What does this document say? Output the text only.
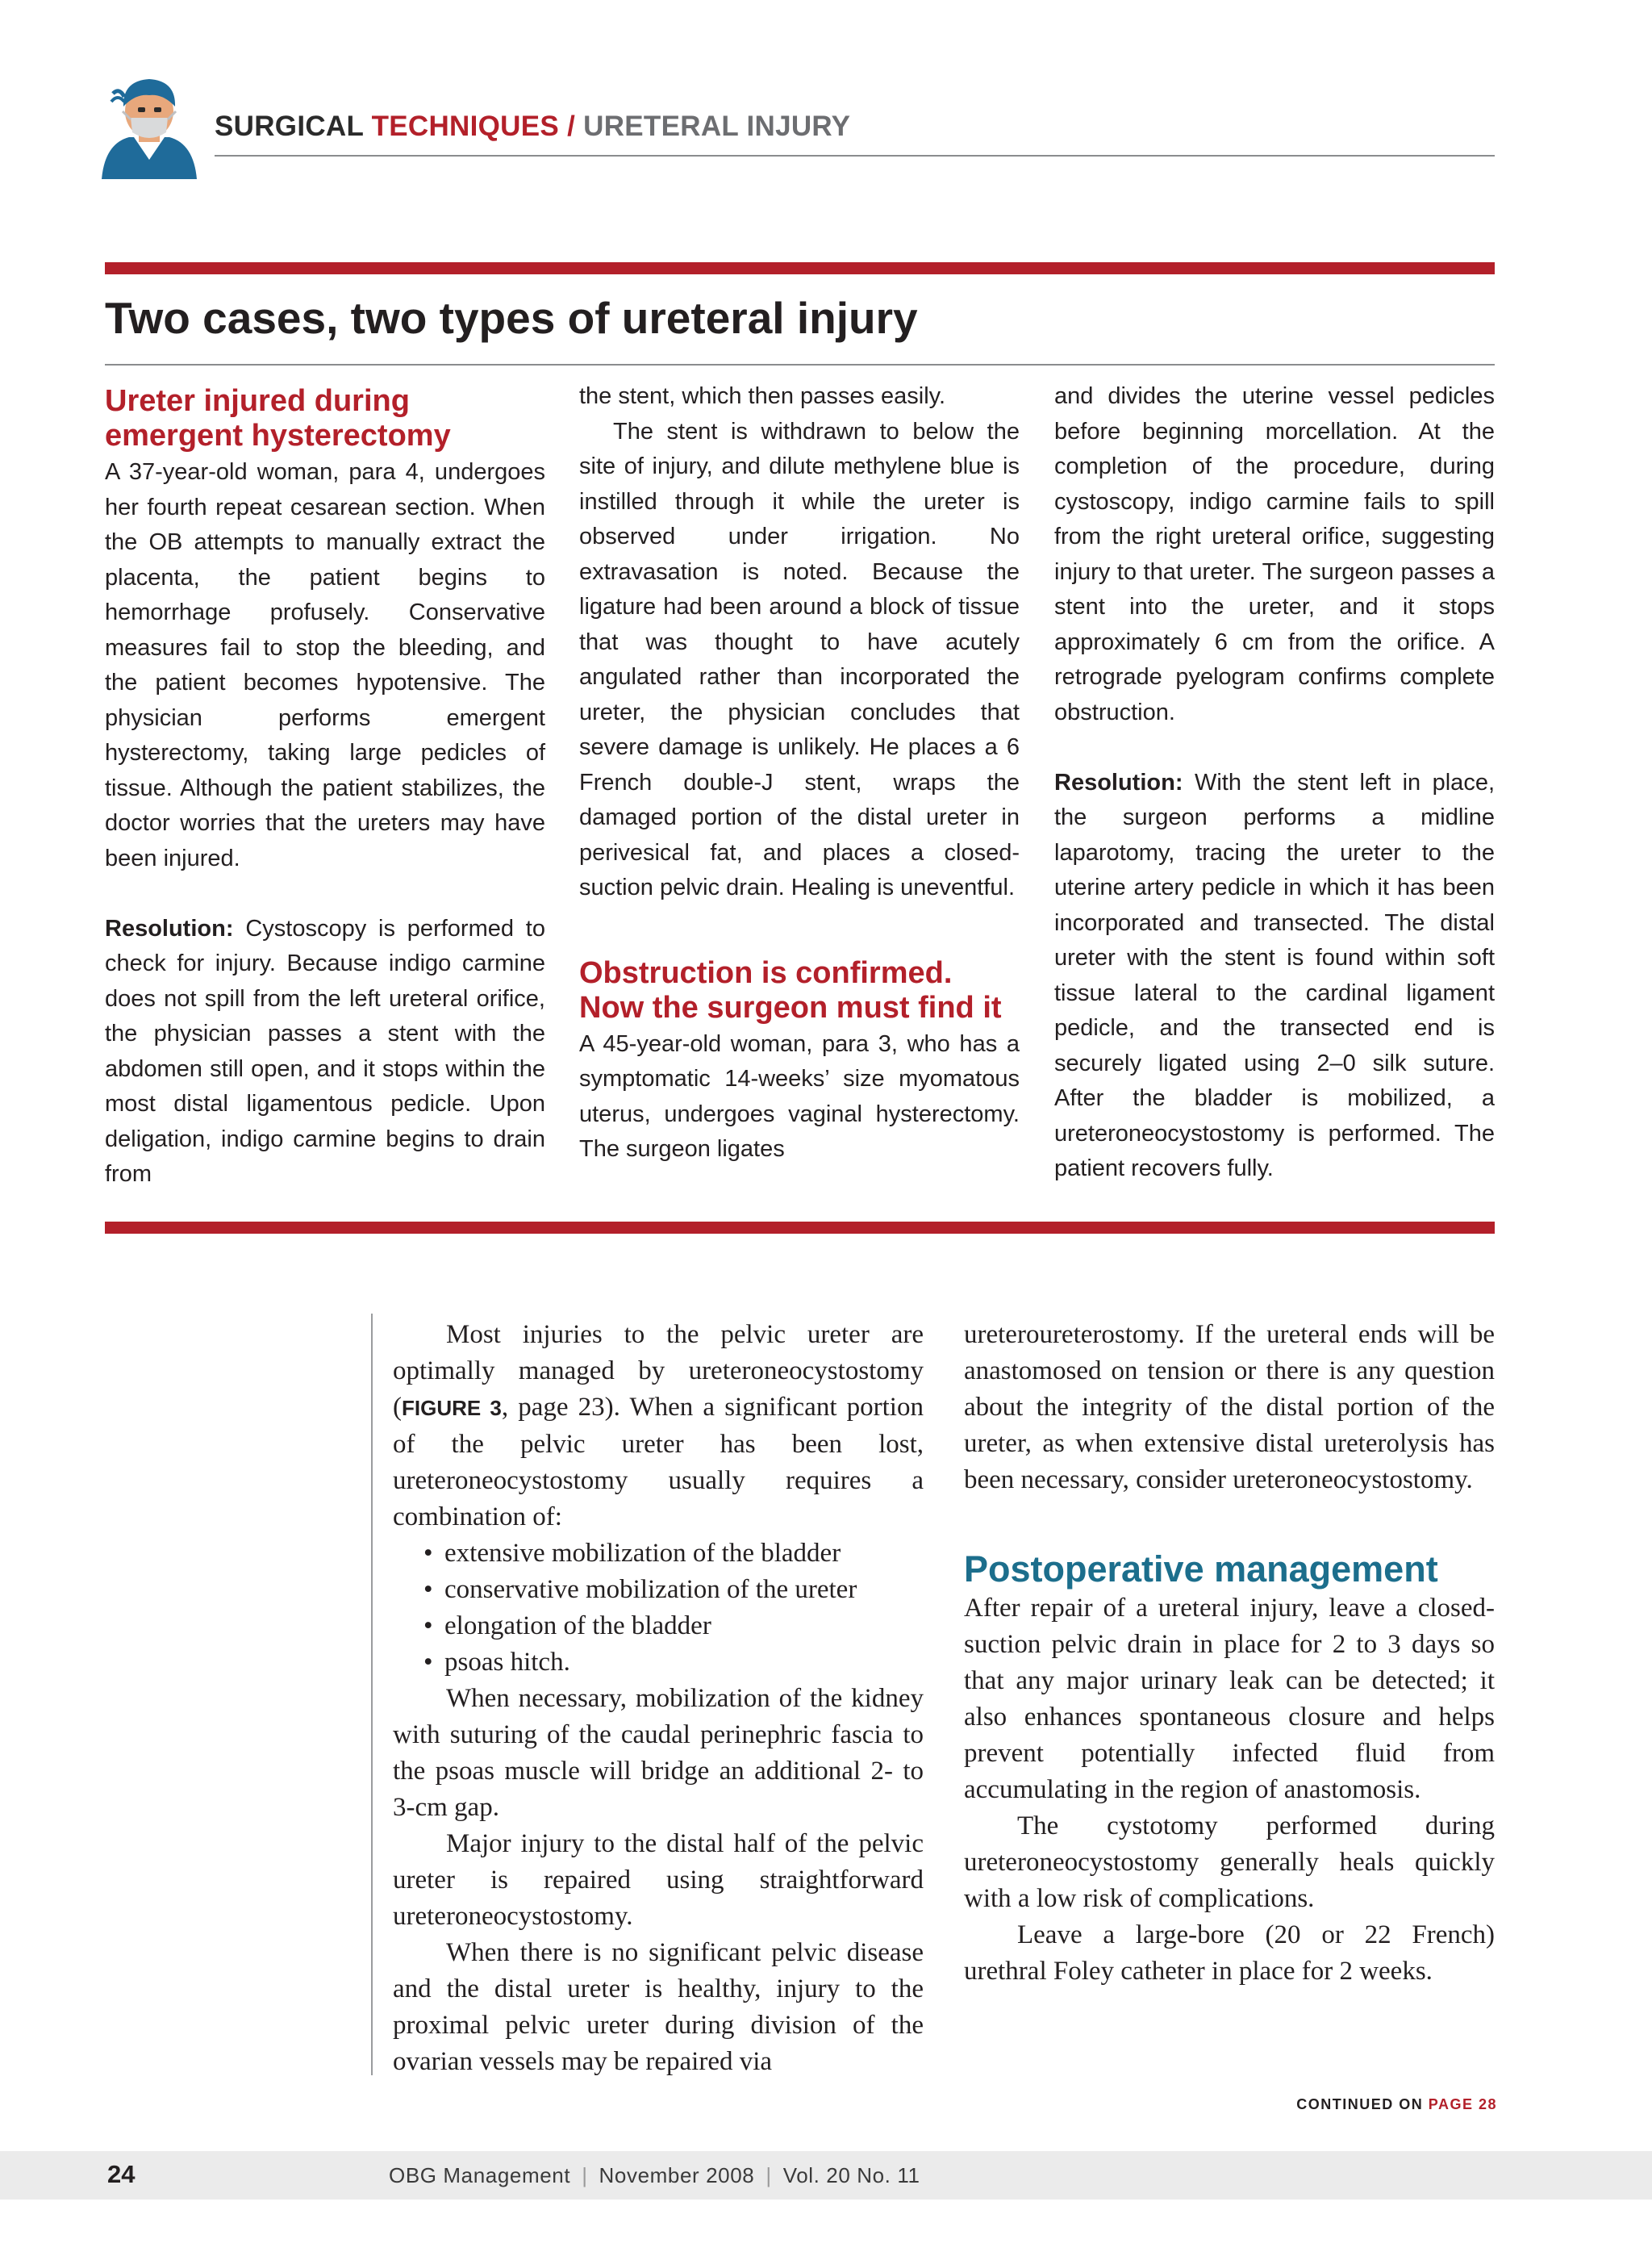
SURGICAL TECHNIQUES / URETERAL INJURY
Two cases, two types of ureteral injury
Ureter injured during emergent hysterectomy

A 37-year-old woman, para 4, undergoes her fourth repeat cesarean section. When the OB attempts to manually extract the placenta, the patient begins to hemorrhage profusely. Conservative measures fail to stop the bleeding, and the patient becomes hypotensive. The physician performs emergent hysterectomy, taking large pedicles of tissue. Although the patient stabilizes, the doctor worries that the ureters may have been injured.

Resolution: Cystoscopy is performed to check for injury. Because indigo carmine does not spill from the left ureteral orifice, the physician passes a stent with the abdomen still open, and it stops within the most distal ligamentous pedicle. Upon deligation, indigo carmine begins to drain from

the stent, which then passes easily.
The stent is withdrawn to below the site of injury, and dilute methylene blue is instilled through it while the ureter is observed under irrigation. No extravasation is noted. Because the ligature had been around a block of tissue that was thought to have acutely angulated rather than incorporated the ureter, the physician concludes that severe damage is unlikely. He places a 6 French double-J stent, wraps the damaged portion of the distal ureter in perivesical fat, and places a closed-suction pelvic drain. Healing is uneventful.

Obstruction is confirmed. Now the surgeon must find it

A 45-year-old woman, para 3, who has a symptomatic 14-weeks’ size myomatous uterus, undergoes vaginal hysterectomy. The surgeon ligates

and divides the uterine vessel pedicles before beginning morcellation. At the completion of the procedure, during cystoscopy, indigo carmine fails to spill from the right ureteral orifice, suggesting injury to that ureter. The surgeon passes a stent into the ureter, and it stops approximately 6 cm from the orifice. A retrograde pyelogram confirms complete obstruction.

Resolution: With the stent left in place, the surgeon performs a midline laparotomy, tracing the ureter to the uterine artery pedicle in which it has been incorporated and transected. The distal ureter with the stent is found within soft tissue lateral to the cardinal ligament pedicle, and the transected end is securely ligated using 2–0 silk suture. After the bladder is mobilized, a ureteroneocystostomy is performed. The patient recovers fully.

Most injuries to the pelvic ureter are optimally managed by ureteroneocystostomy (FIGURE 3, page 23). When a significant portion of the pelvic ureter has been lost, ureteroneocystostomy usually requires a combination of:

• extensive mobilization of the bladder
• conservative mobilization of the ureter
• elongation of the bladder
• psoas hitch.

When necessary, mobilization of the kidney with suturing of the caudal perinephric fascia to the psoas muscle will bridge an additional 2- to 3-cm gap.

Major injury to the distal half of the pelvic ureter is repaired using straightforward ureteroneocystostomy.

When there is no significant pelvic disease and the distal ureter is healthy, injury to the proximal pelvic ureter during division of the ovarian vessels may be repaired via

ureteroureterostomy. If the ureteral ends will be anastomosed on tension or there is any question about the integrity of the distal portion of the ureter, as when extensive distal ureterolysis has been necessary, consider ureteroneocystostomy.

Postoperative management

After repair of a ureteral injury, leave a closed-suction pelvic drain in place for 2 to 3 days so that any major urinary leak can be detected; it also enhances spontaneous closure and helps prevent potentially infected fluid from accumulating in the region of anastomosis.

The cystotomy performed during ureteroneocystostomy generally heals quickly with a low risk of complications.

Leave a large-bore (20 or 22 French) urethral Foley catheter in place for 2 weeks.

CONTINUED ON PAGE 28
24	OBG Management | November 2008 | Vol. 20 No. 11
